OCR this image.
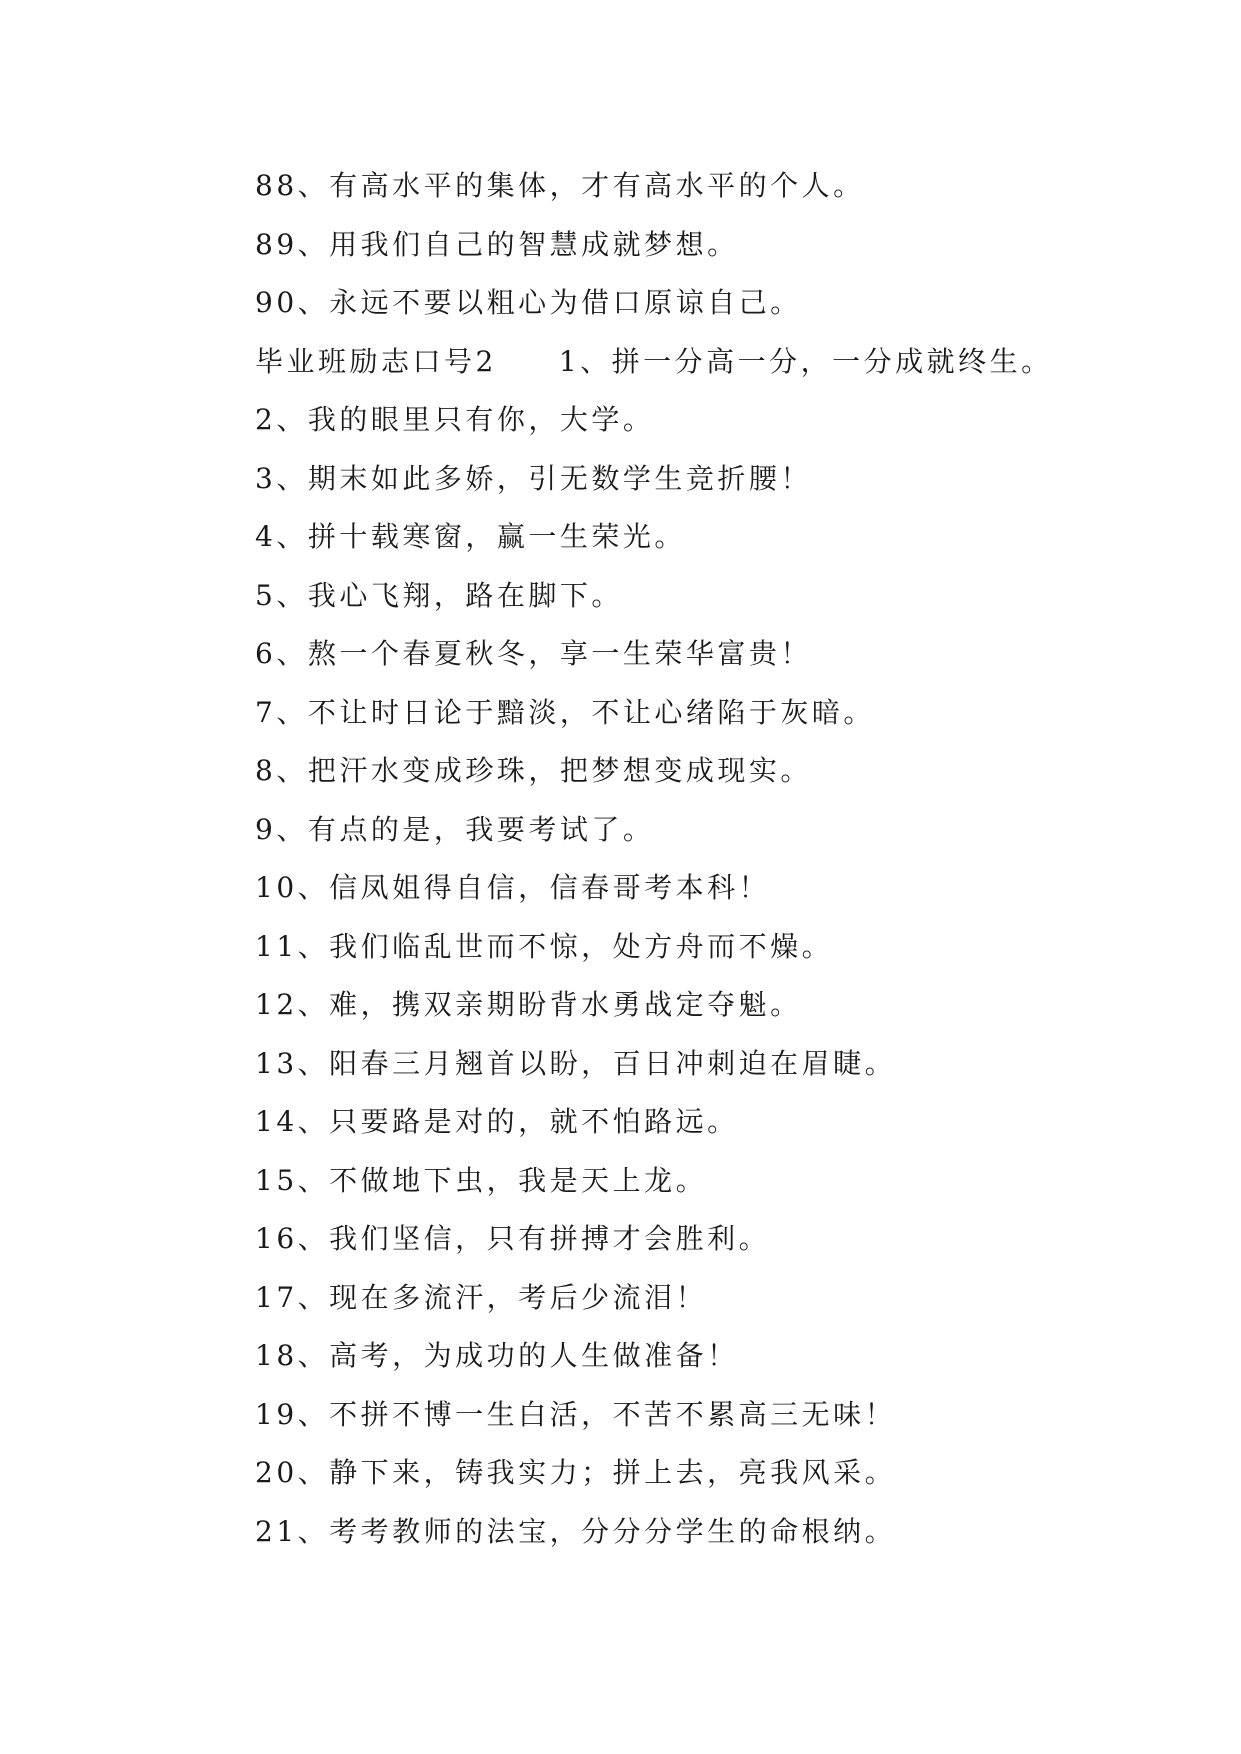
88、有高水平的集体，才有高水平的个人。
89、用我们自己的智慧成就梦想。
90、永远不要以粗心为借口原谅自己。
毕业班励志口号2 1、拼一分高一分，一分成就终生。
2、我的眼里只有你，大学。
3、期末如此多娇，引无数学生竞折腰！
4、拼十载寒窗，赢一生荣光。
5、我心飞翔，路在脚下。
6、熬一个春夏秋冬，享一生荣华富贵！
7、不让时日论于黯淡，不让心绪陷于灰暗。
8、把汗水变成珍珠，把梦想变成现实。
9、有点的是，我要考试了。
10、信凤姐得自信，信春哥考本科！
11、我们临乱世而不惊，处方舟而不燥。
12、难，携双亲期盼背水勇战定夺魁。
13、阳春三月翘首以盼，百日冲刺迫在眉睫。
14、只要路是对的，就不怕路远。
15、不做地下虫，我是天上龙。
16、我们坚信，只有拼搏才会胜利。
17、现在多流汗，考后少流泪！
18、高考，为成功的人生做准备！
19、不拼不博一生白活，不苦不累高三无味！
20、静下来，铸我实力；拼上去，亮我风采。
21、考考教师的法宝，分分分学生的命根纳。
